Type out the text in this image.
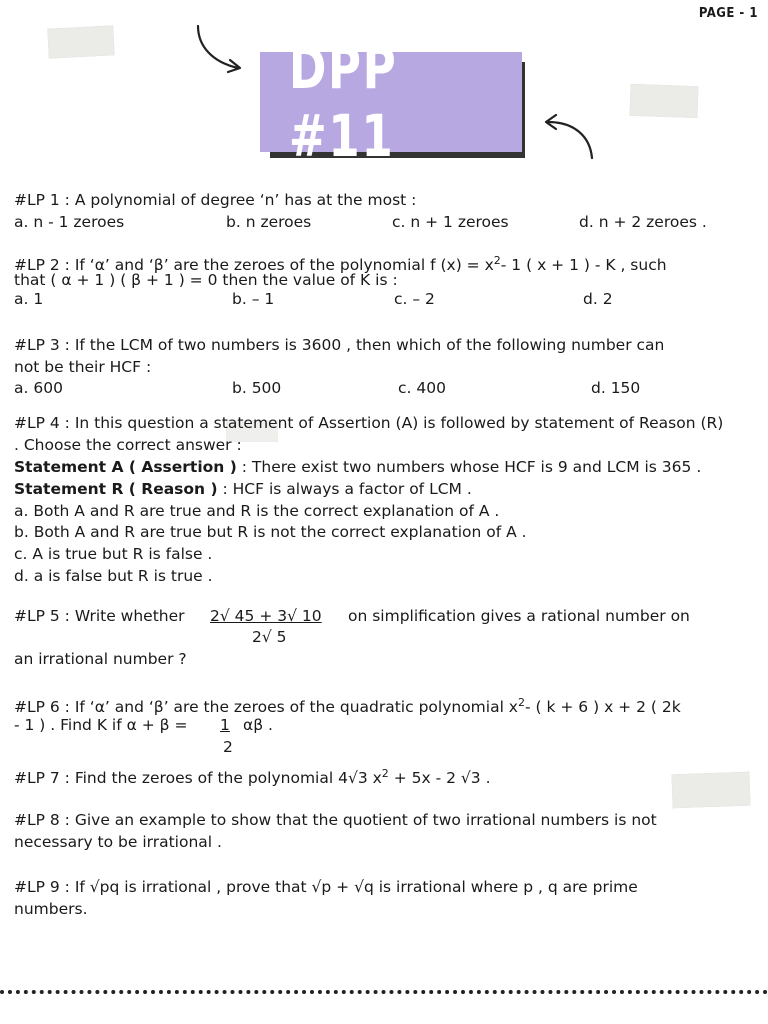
PAGE - 1
DPP #11
#LP 1 : A polynomial of degree ‘n’ has at the most :
a. n - 1 zeroes	b. n zeroes	c. n + 1 zeroes	d. n + 2 zeroes .
#LP 2 : If ‘α’ and ‘β’ are the zeroes of the polynomial f $(x) = x^2-$ 1 ( x + 1 ) - K , such
that ( α + 1 ) ( β + 1 ) = 0 then the value of K is :
a. 1	b. – 1	c. – 2	d. 2
#LP 3 : If the LCM of two numbers is 3600 , then which of the following number can
not be their HCF :
a. 600	b. 500	c. 400	d. 150
#LP 4 : In this question a statement of Assertion (A) is followed by statement of Reason (R)
. Choose the correct answer :
Statement A ( Assertion ) : There exist two numbers whose HCF is 9 and LCM is 365 .
Statement R ( Reason ) : HCF is always a factor of LCM .
a. Both A and R are true and R is the correct explanation of A .
b. Both A and R are true but R is not the correct explanation of A .
c. A is true but R is false .
d. a is false but R is true .
#LP 5 : Write whether 2√ 45 + 3√ 10 on simplification gives a rational number on
2√ 5
an irrational number ?
#LP 6 : If ‘α’ and ‘β’ are the zeroes of the quadratic polynomial $x^2-$ ( k + 6 ) x + 2 ( 2k
- 1 ) . Find K if α + β = 1 αβ .
2
#LP 7 : Find the zeroes of the polynomial 4√3 $x^2 + 5x - 2$ √3 .
#LP 8 : Give an example to show that the quotient of two irrational numbers is not
necessary to be irrational .
#LP 9 : If √pq is irrational , prove that √p + √q is irrational where p , q are prime
numbers.
